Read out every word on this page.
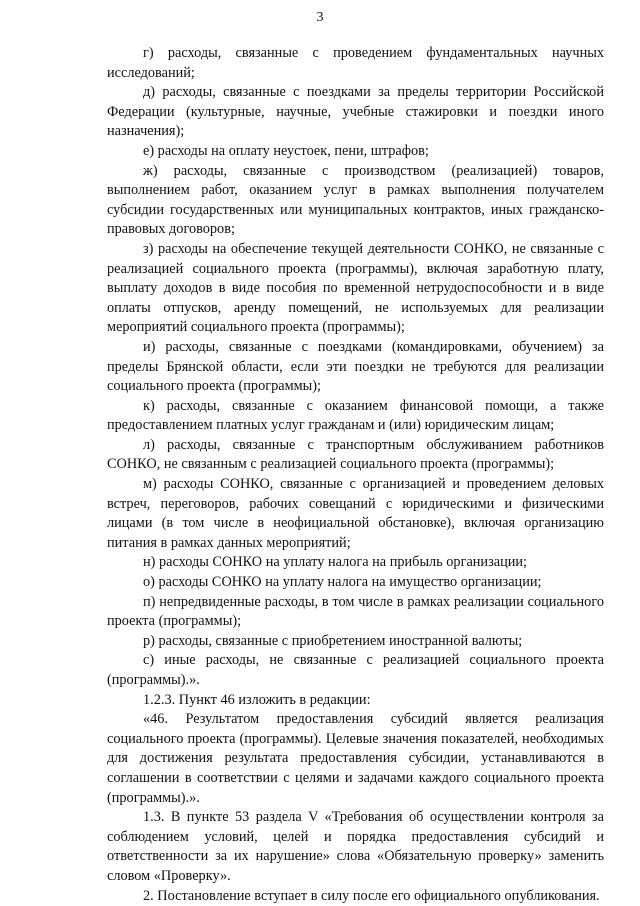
3

г) расходы, связанные с проведением фундаментальных научных исследований;

д) расходы, связанные с поездками за пределы территории Российской Федерации (культурные, научные, учебные стажировки и поездки иного назначения);

е) расходы на оплату неустоек, пени, штрафов;

ж) расходы, связанные с производством (реализацией) товаров, выполнением работ, оказанием услуг в рамках выполнения получателем субсидии государственных или муниципальных контрактов, иных гражданско-правовых договоров;

з) расходы на обеспечение текущей деятельности СОНКО, не связанные с реализацией социального проекта (программы), включая заработную плату, выплату доходов в виде пособия по временной нетрудоспособности и в виде оплаты отпусков, аренду помещений, не используемых для реализации мероприятий социального проекта (программы);

и) расходы, связанные с поездками (командировками, обучением) за пределы Брянской области, если эти поездки не требуются для реализации социального проекта (программы);

к) расходы, связанные с оказанием финансовой помощи, а также предоставлением платных услуг гражданам и (или) юридическим лицам;

л) расходы, связанные с транспортным обслуживанием работников СОНКО, не связанным с реализацией социального проекта (программы);

м) расходы СОНКО, связанные с организацией и проведением деловых встреч, переговоров, рабочих совещаний с юридическими и физическими лицами (в том числе в неофициальной обстановке), включая организацию питания в рамках данных мероприятий;

н) расходы СОНКО на уплату налога на прибыль организации;

о) расходы СОНКО на уплату налога на имущество организации;

п) непредвиденные расходы, в том числе в рамках реализации социального проекта (программы);

р) расходы, связанные с приобретением иностранной валюты;

с) иные расходы, не связанные с реализацией социального проекта (программы).».

1.2.3. Пункт 46 изложить в редакции:

«46. Результатом предоставления субсидий является реализация социального проекта (программы). Целевые значения показателей, необходимых для достижения результата предоставления субсидии, устанавливаются в соглашении в соответствии с целями и задачами каждого социального проекта (программы).».

1.3. В пункте 53 раздела V «Требования об осуществлении контроля за соблюдением условий, целей и порядка предоставления субсидий и ответственности за их нарушение» слова «Обязательную проверку» заменить словом «Проверку».

2. Постановление вступает в силу после его официального опубликования.
